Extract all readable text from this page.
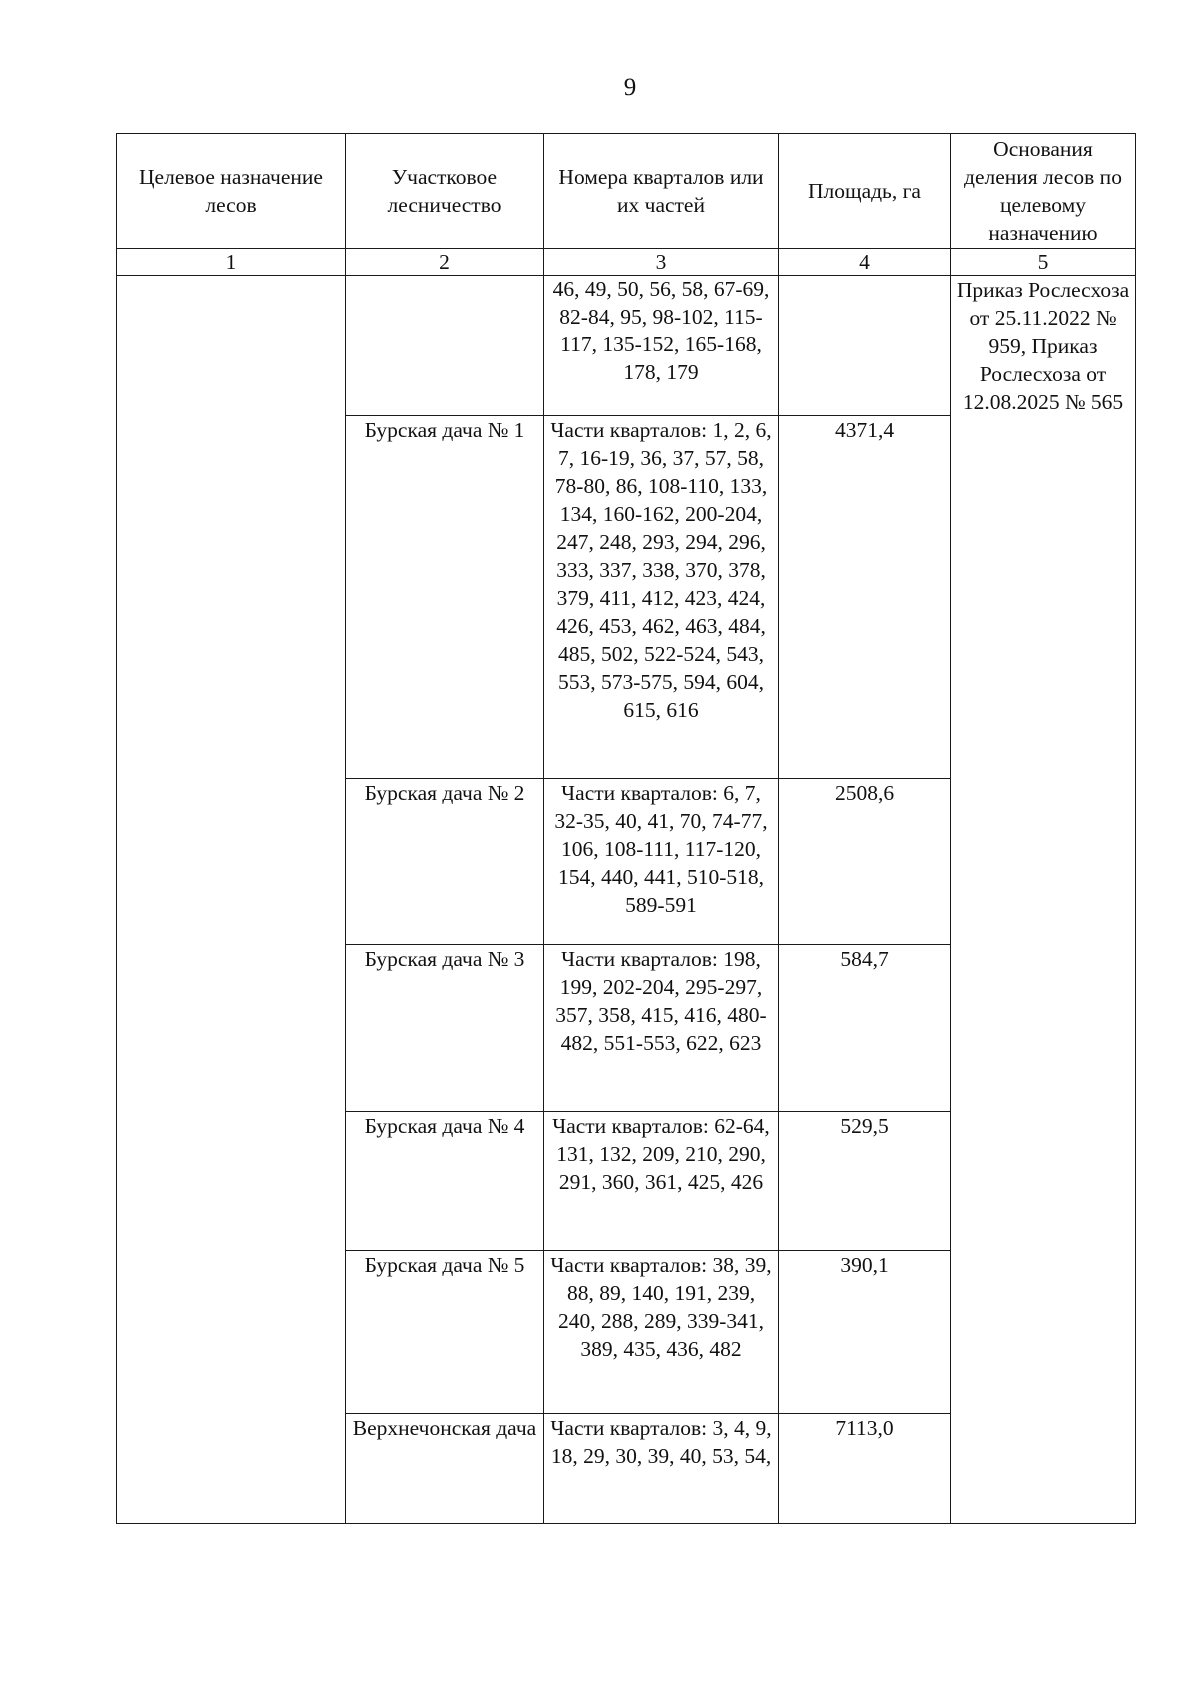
9
Целевое назначение лесов	Участковое лесничество	Номера кварталов или их частей	Площадь, га	Основания деления лесов по целевому назначению
1	2	3	4	5
		46, 49, 50, 56, 58, 67-69, 82-84, 95, 98-102, 115-117, 135-152, 165-168, 178, 179		Приказ Рослесхоза от 25.11.2022 № 959, Приказ Рослесхоза от 12.08.2025 № 565
	Бурская дача № 1	Части кварталов: 1, 2, 6, 7, 16-19, 36, 37, 57, 58, 78-80, 86, 108-110, 133, 134, 160-162, 200-204, 247, 248, 293, 294, 296, 333, 337, 338, 370, 378, 379, 411, 412, 423, 424, 426, 453, 462, 463, 484, 485, 502, 522-524, 543, 553, 573-575, 594, 604, 615, 616	4371,4	
	Бурская дача № 2	Части кварталов: 6, 7, 32-35, 40, 41, 70, 74-77, 106, 108-111, 117-120, 154, 440, 441, 510-518, 589-591	2508,6	
	Бурская дача № 3	Части кварталов: 198, 199, 202-204, 295-297, 357, 358, 415, 416, 480-482, 551-553, 622, 623	584,7	
	Бурская дача № 4	Части кварталов: 62-64, 131, 132, 209, 210, 290, 291, 360, 361, 425, 426	529,5	
	Бурская дача № 5	Части кварталов: 38, 39, 88, 89, 140, 191, 239, 240, 288, 289, 339-341, 389, 435, 436, 482	390,1	
	Верхнечонская дача	Части кварталов: 3, 4, 9, 18, 29, 30, 39, 40, 53, 54,	7113,0	
